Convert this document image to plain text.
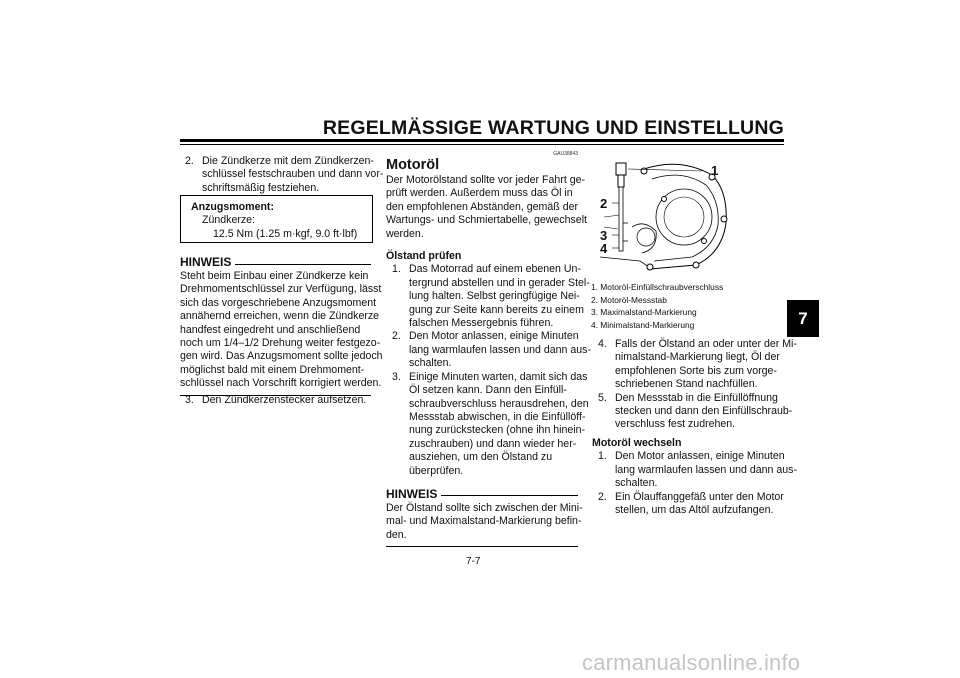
REGELMÄSSIGE WARTUNG UND EINSTELLUNG
2. Die Zündkerze mit dem Zündkerzen-
schlüssel festschrauben und dann vor-
schriftsmäßig festziehen.
Anzugsmoment:
Zündkerze:
12.5 Nm (1.25 m·kgf, 9.0 ft·lbf)
HINWEIS
Steht beim Einbau einer Zündkerze kein
Drehmomentschlüssel zur Verfügung, lässt
sich das vorgeschriebene Anzugsmoment
annähernd erreichen, wenn die Zündkerze
handfest eingedreht und anschließend
noch um 1/4–1/2 Drehung weiter festgezo-
gen wird. Das Anzugsmoment sollte jedoch
möglichst bald mit einem Drehmoment-
schlüssel nach Vorschrift korrigiert werden.
3. Den Zündkerzenstecker aufsetzen.
GAU38843
Motoröl
Der Motorölstand sollte vor jeder Fahrt ge-
prüft werden. Außerdem muss das Öl in
den empfohlenen Abständen, gemäß der
Wartungs- und Schmiertabelle, gewechselt
werden.
Ölstand prüfen
1. Das Motorrad auf einem ebenen Un-
tergrund abstellen und in gerader Stel-
lung halten. Selbst geringfügige Nei-
gung zur Seite kann bereits zu einem
falschen Messergebnis führen.
2. Den Motor anlassen, einige Minuten
lang warmlaufen lassen und dann aus-
schalten.
3. Einige Minuten warten, damit sich das
Öl setzen kann. Dann den Einfüll-
schraubverschluss herausdrehen, den
Messstab abwischen, in die Einfüllöff-
nung zurückstecken (ohne ihn hinein-
zuschrauben) und dann wieder her-
ausziehen, um den Ölstand zu
überprüfen.
HINWEIS
Der Ölstand sollte sich zwischen der Mini-
mal- und Maximalstand-Markierung befin-
den.
1
2
3
4
1. Motoröl-Einfüllschraubverschluss
2. Motoröl-Messstab
3. Maximalstand-Markierung
4. Minimalstand-Markierung
4. Falls der Ölstand an oder unter der Mi-
nimalstand-Markierung liegt, Öl der
empfohlenen Sorte bis zum vorge-
schriebenen Stand nachfüllen.
5. Den Messstab in die Einfüllöffnung
stecken und dann den Einfüllschraub-
verschluss fest zudrehen.
Motoröl wechseln
1. Den Motor anlassen, einige Minuten
lang warmlaufen lassen und dann aus-
schalten.
2. Ein Ölauffanggefäß unter den Motor
stellen, um das Altöl aufzufangen.
7
7-7
carmanualsonline.info
